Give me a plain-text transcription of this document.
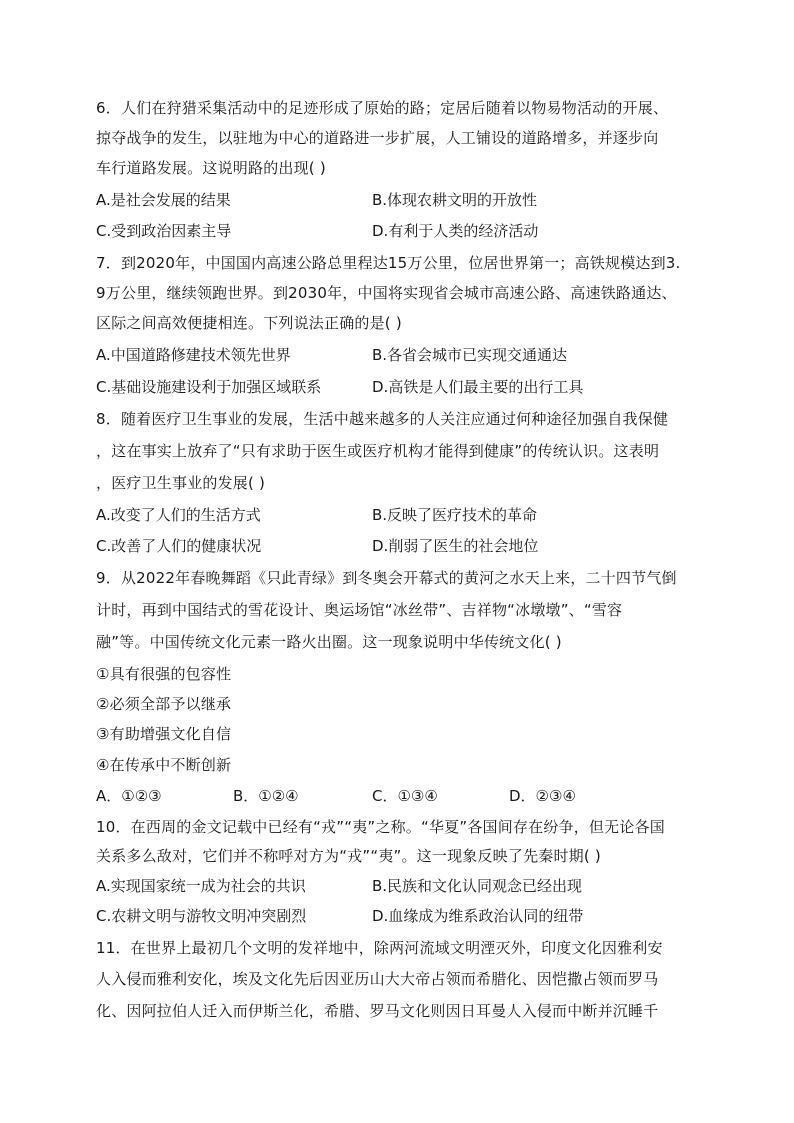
6．人们在狩猎采集活动中的足迹形成了原始的路；定居后随着以物易物活动的开展、
掠夺战争的发生，以驻地为中心的道路进一步扩展，人工铺设的道路增多，并逐步向
车行道路发展。这说明路的出现( )
A.是社会发展的结果	B.体现农耕文明的开放性
C.受到政治因素主导	D.有利于人类的经济活动
7．到2020年，中国国内高速公路总里程达15万公里，位居世界第一；高铁规模达到3.
9万公里，继续领跑世界。到2030年，中国将实现省会城市高速公路、高速铁路通达、
区际之间高效便捷相连。下列说法正确的是( )
A.中国道路修建技术领先世界	B.各省会城市已实现交通通达
C.基础设施建设利于加强区域联系	D.高铁是人们最主要的出行工具
8．随着医疗卫生事业的发展，生活中越来越多的人关注应通过何种途径加强自我保健
，这在事实上放弃了“只有求助于医生或医疗机构才能得到健康”的传统认识。这表明
，医疗卫生事业的发展( )
A.改变了人们的生活方式	B.反映了医疗技术的革命
C.改善了人们的健康状况	D.削弱了医生的社会地位
9．从2022年春晚舞蹈《只此青绿》到冬奥会开幕式的黄河之水天上来，二十四节气倒
计时，再到中国结式的雪花设计、奥运场馆“冰丝带”、吉祥物“冰墩墩”、“雪容
融”等。中国传统文化元素一路火出圈。这一现象说明中华传统文化( )
①具有很强的包容性
②必须全部予以继承
③有助增强文化自信
④在传承中不断创新
A．①②③	B．①②④	C．①③④	D．②③④
10．在西周的金文记载中已经有“戎”“夷”之称。“华夏”各国间存在纷争，但无论各国
关系多么敌对，它们并不称呼对方为“戎”“夷”。这一现象反映了先秦时期( )
A.实现国家统一成为社会的共识	B.民族和文化认同观念已经出现
C.农耕文明与游牧文明冲突剧烈	D.血缘成为维系政治认同的纽带
11．在世界上最初几个文明的发祥地中，除两河流域文明湮灭外，印度文化因雅利安
人入侵而雅利安化，埃及文化先后因亚历山大大帝占领而希腊化、因恺撒占领而罗马
化、因阿拉伯人迁入而伊斯兰化，希腊、罗马文化则因日耳曼人入侵而中断并沉睡千
